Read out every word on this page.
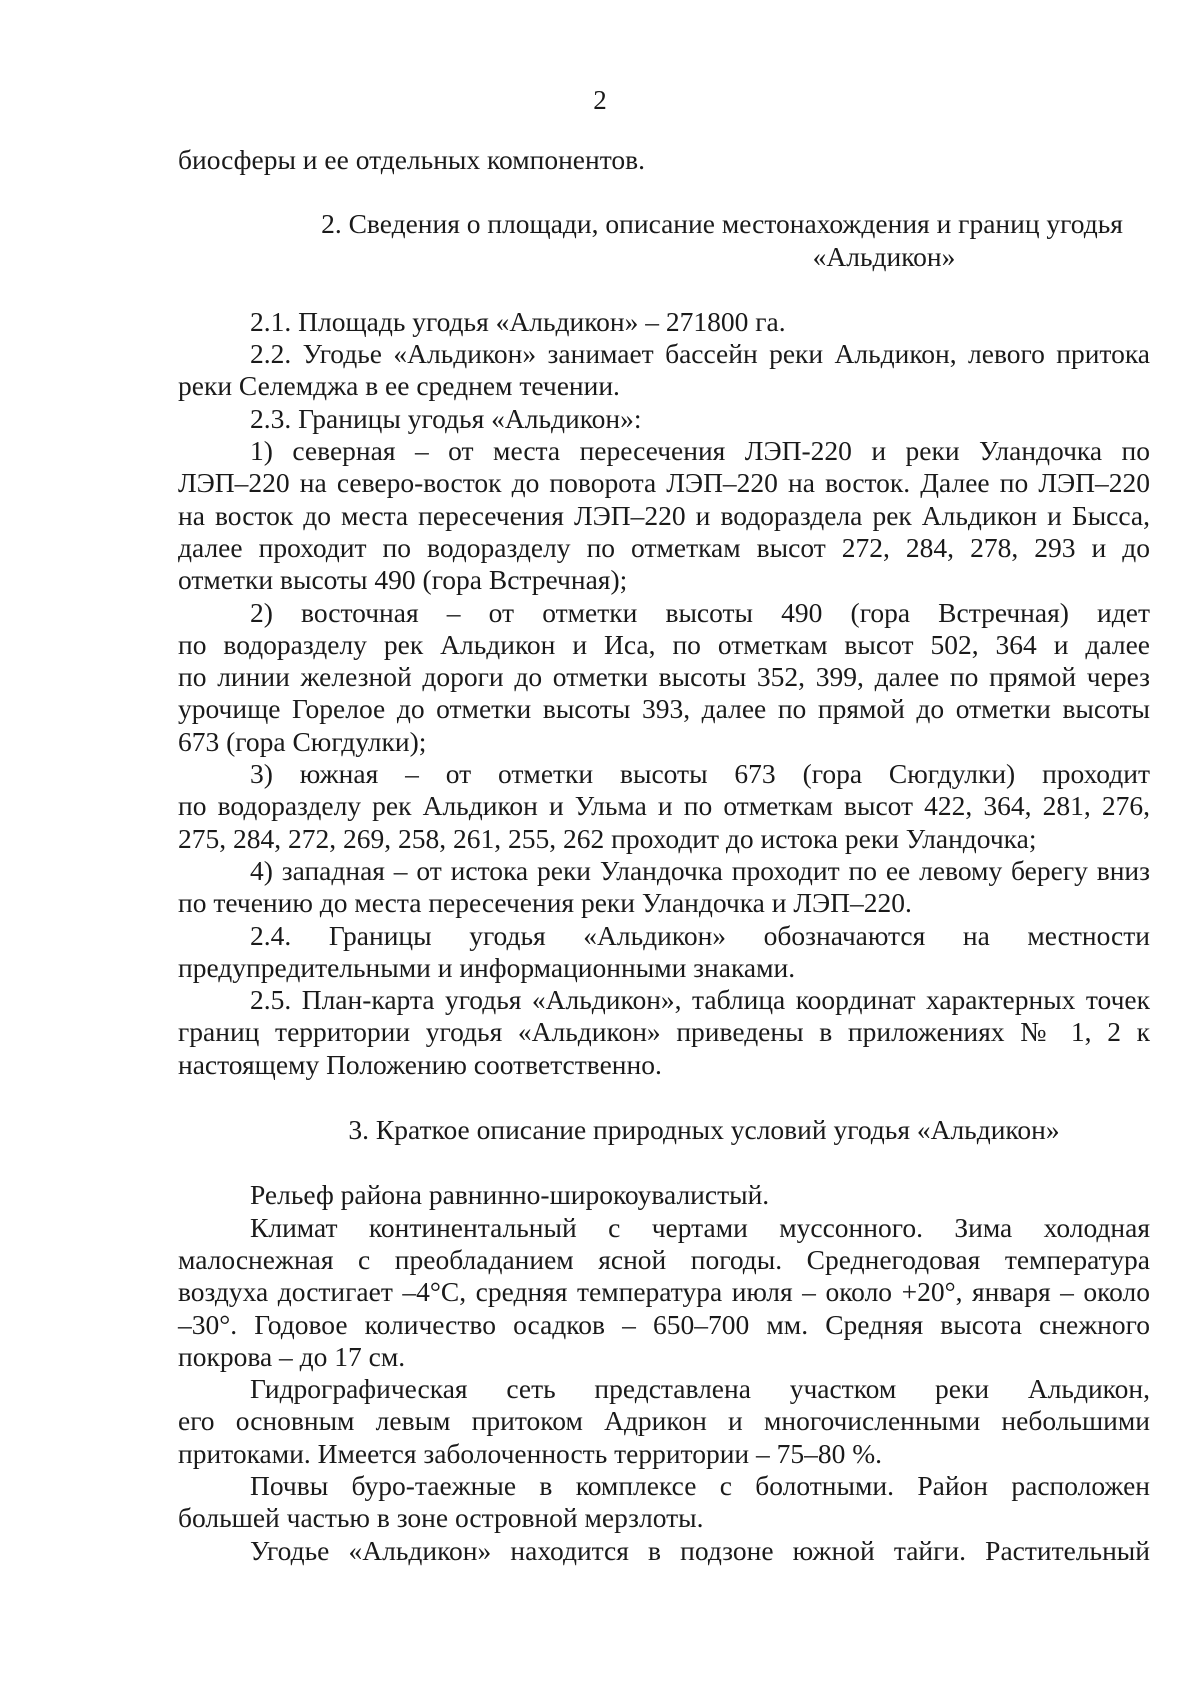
2

биосферы и ее отдельных компонентов.

2. Сведения о площади, описание местонахождения и границ угодья

«Альдикон»

2.1. Площадь угодья «Альдикон» – 271800 га.

2.2. Угодье «Альдикон» занимает бассейн реки Альдикон, левого притока

реки Селемджа в ее среднем течении.

2.3. Границы угодья «Альдикон»:

1) северная – от места пересечения ЛЭП-220 и реки Уландочка по

ЛЭП–220 на северо-восток до поворота ЛЭП–220 на восток. Далее по ЛЭП–220

на восток до места пересечения ЛЭП–220 и водораздела рек Альдикон и Бысса,

далее проходит по водоразделу по отметкам высот 272, 284, 278, 293 и до

отметки высоты 490 (гора Встречная);

2) восточная – от отметки высоты 490 (гора Встречная) идет

по водоразделу рек Альдикон и Иса, по отметкам высот 502, 364 и далее

по линии железной дороги до отметки высоты 352, 399, далее по прямой через

урочище Горелое до отметки высоты 393, далее по прямой до отметки высоты

673 (гора Сюгдулки);

3) южная – от отметки высоты 673 (гора Сюгдулки) проходит

по водоразделу рек Альдикон и Ульма и по отметкам высот 422, 364, 281, 276,

275, 284, 272, 269, 258, 261, 255, 262 проходит до истока реки Уландочка;

4) западная – от истока реки Уландочка проходит по ее левому берегу вниз

по течению до места пересечения реки Уландочка и ЛЭП–220.

2.4. Границы угодья «Альдикон» обозначаются на местности

предупредительными и информационными знаками.

2.5. План-карта угодья «Альдикон», таблица координат характерных точек

границ территории угодья «Альдикон» приведены в приложениях № 1, 2 к

настоящему Положению соответственно.

3. Краткое описание природных условий угодья «Альдикон»

Рельеф района равнинно-широкоувалистый.

Климат континентальный с чертами муссонного. Зима холодная

малоснежная с преобладанием ясной погоды. Среднегодовая температура

воздуха достигает –4°С, средняя температура июля – около +20°, января – около

–30°. Годовое количество осадков – 650–700 мм. Средняя высота снежного

покрова – до 17 см.

Гидрографическая сеть представлена участком реки Альдикон,

его основным левым притоком Адрикон и многочисленными небольшими

притоками. Имеется заболоченность территории – 75–80 %.

Почвы буро-таежные в комплексе с болотными. Район расположен

большей частью в зоне островной мерзлоты.

Угодье «Альдикон» находится в подзоне южной тайги. Растительный
